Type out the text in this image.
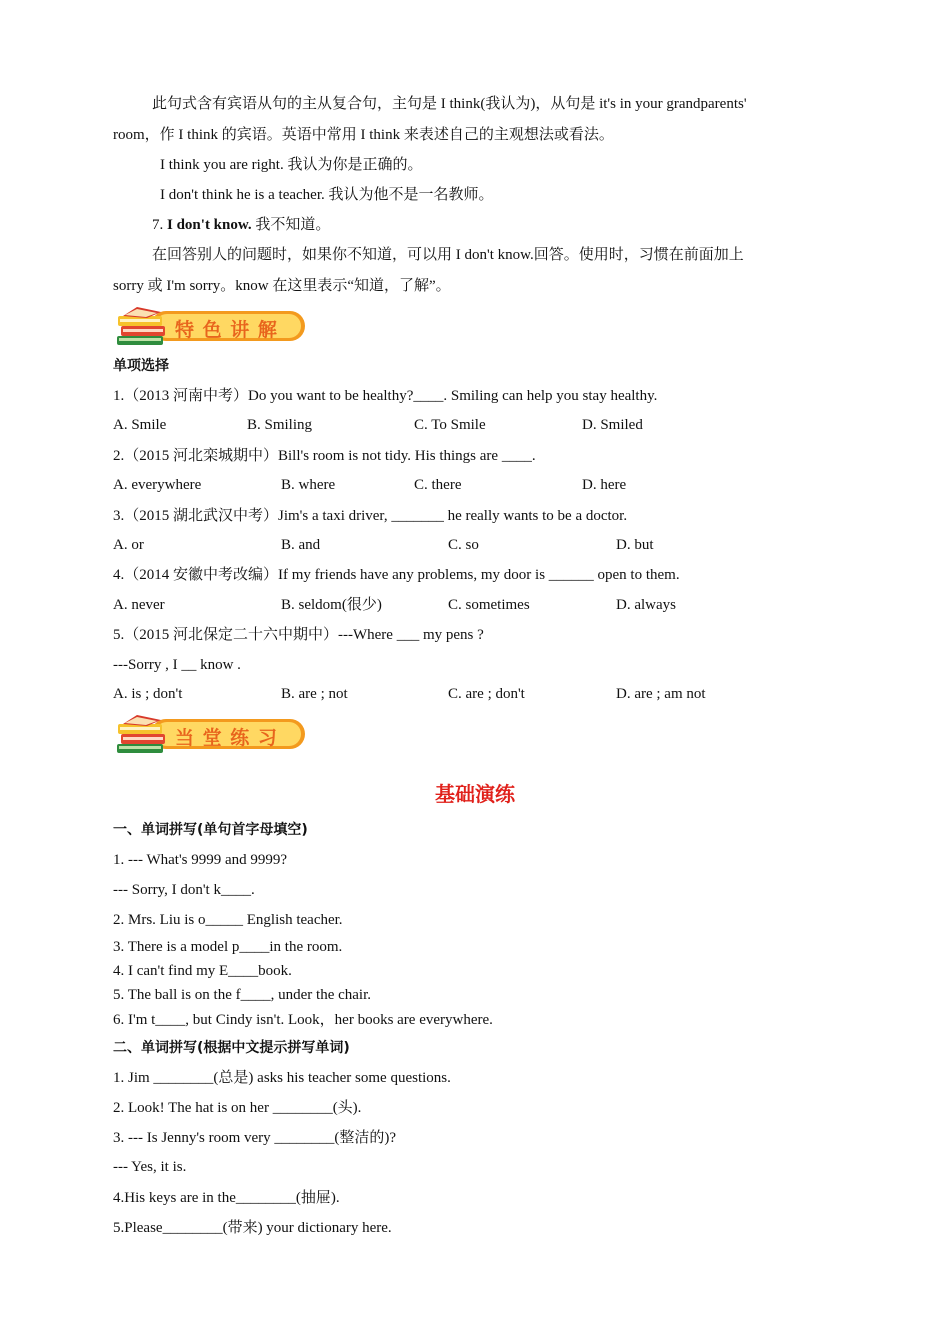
此句式含有宾语从句的主从复合句，主句是 I think(我认为)，从句是 it's in your grandparents'
room，作 I think 的宾语。英语中常用 I think 来表述自己的主观想法或看法。
I think you are right. 我认为你是正确的。
I don't think he is a teacher. 我认为他不是一名教师。
7. I don't know. 我不知道。
在回答别人的问题时，如果你不知道，可以用 I don't know.回答。使用时，习惯在前面加上
sorry 或 I'm sorry。know 在这里表示“知道，了解”。
特 色 讲 解
单项选择
1.（2013 河南中考）Do you want to be healthy?____. Smiling can help you stay healthy.
A. Smile	B. Smiling	C. To Smile	D. Smiled
2.（2015 河北栾城期中）Bill's room is not tidy. His things are ____.
A. everywhere	B. where	C. there	D. here
3.（2015 湖北武汉中考）Jim's a taxi driver, _______ he really wants to be a doctor.
A. or	B. and	C. so	D. but
4.（2014 安徽中考改编）If my friends have any problems, my door is ______ open to them.
A. never	B. seldom(很少)	C. sometimes	D. always
5.（2015 河北保定二十六中期中）---Where ___ my pens ?
---Sorry , I __ know .
A. is ; don't	B. are ; not	C. are ; don't	D. are ; am not
当 堂 练 习
基础演练
一、单词拼写(单句首字母填空)
1. --- What's 9999 and 9999?
--- Sorry, I don't k____.
2. Mrs. Liu is o_____ English teacher.
3. There is a model p____in the room.
4. I can't find my E____book.
5. The ball is on the f____, under the chair.
6. I'm t____, but Cindy isn't. Look，her books are everywhere.
二、单词拼写(根据中文提示拼写单词)
1. Jim ________(总是) asks his teacher some questions.
2. Look! The hat is on her ________(头).
3. --- Is Jenny's room very ________(整洁的)?
--- Yes, it is.
4.His keys are in the________(抽屉).
5.Please________(带来) your dictionary here.
